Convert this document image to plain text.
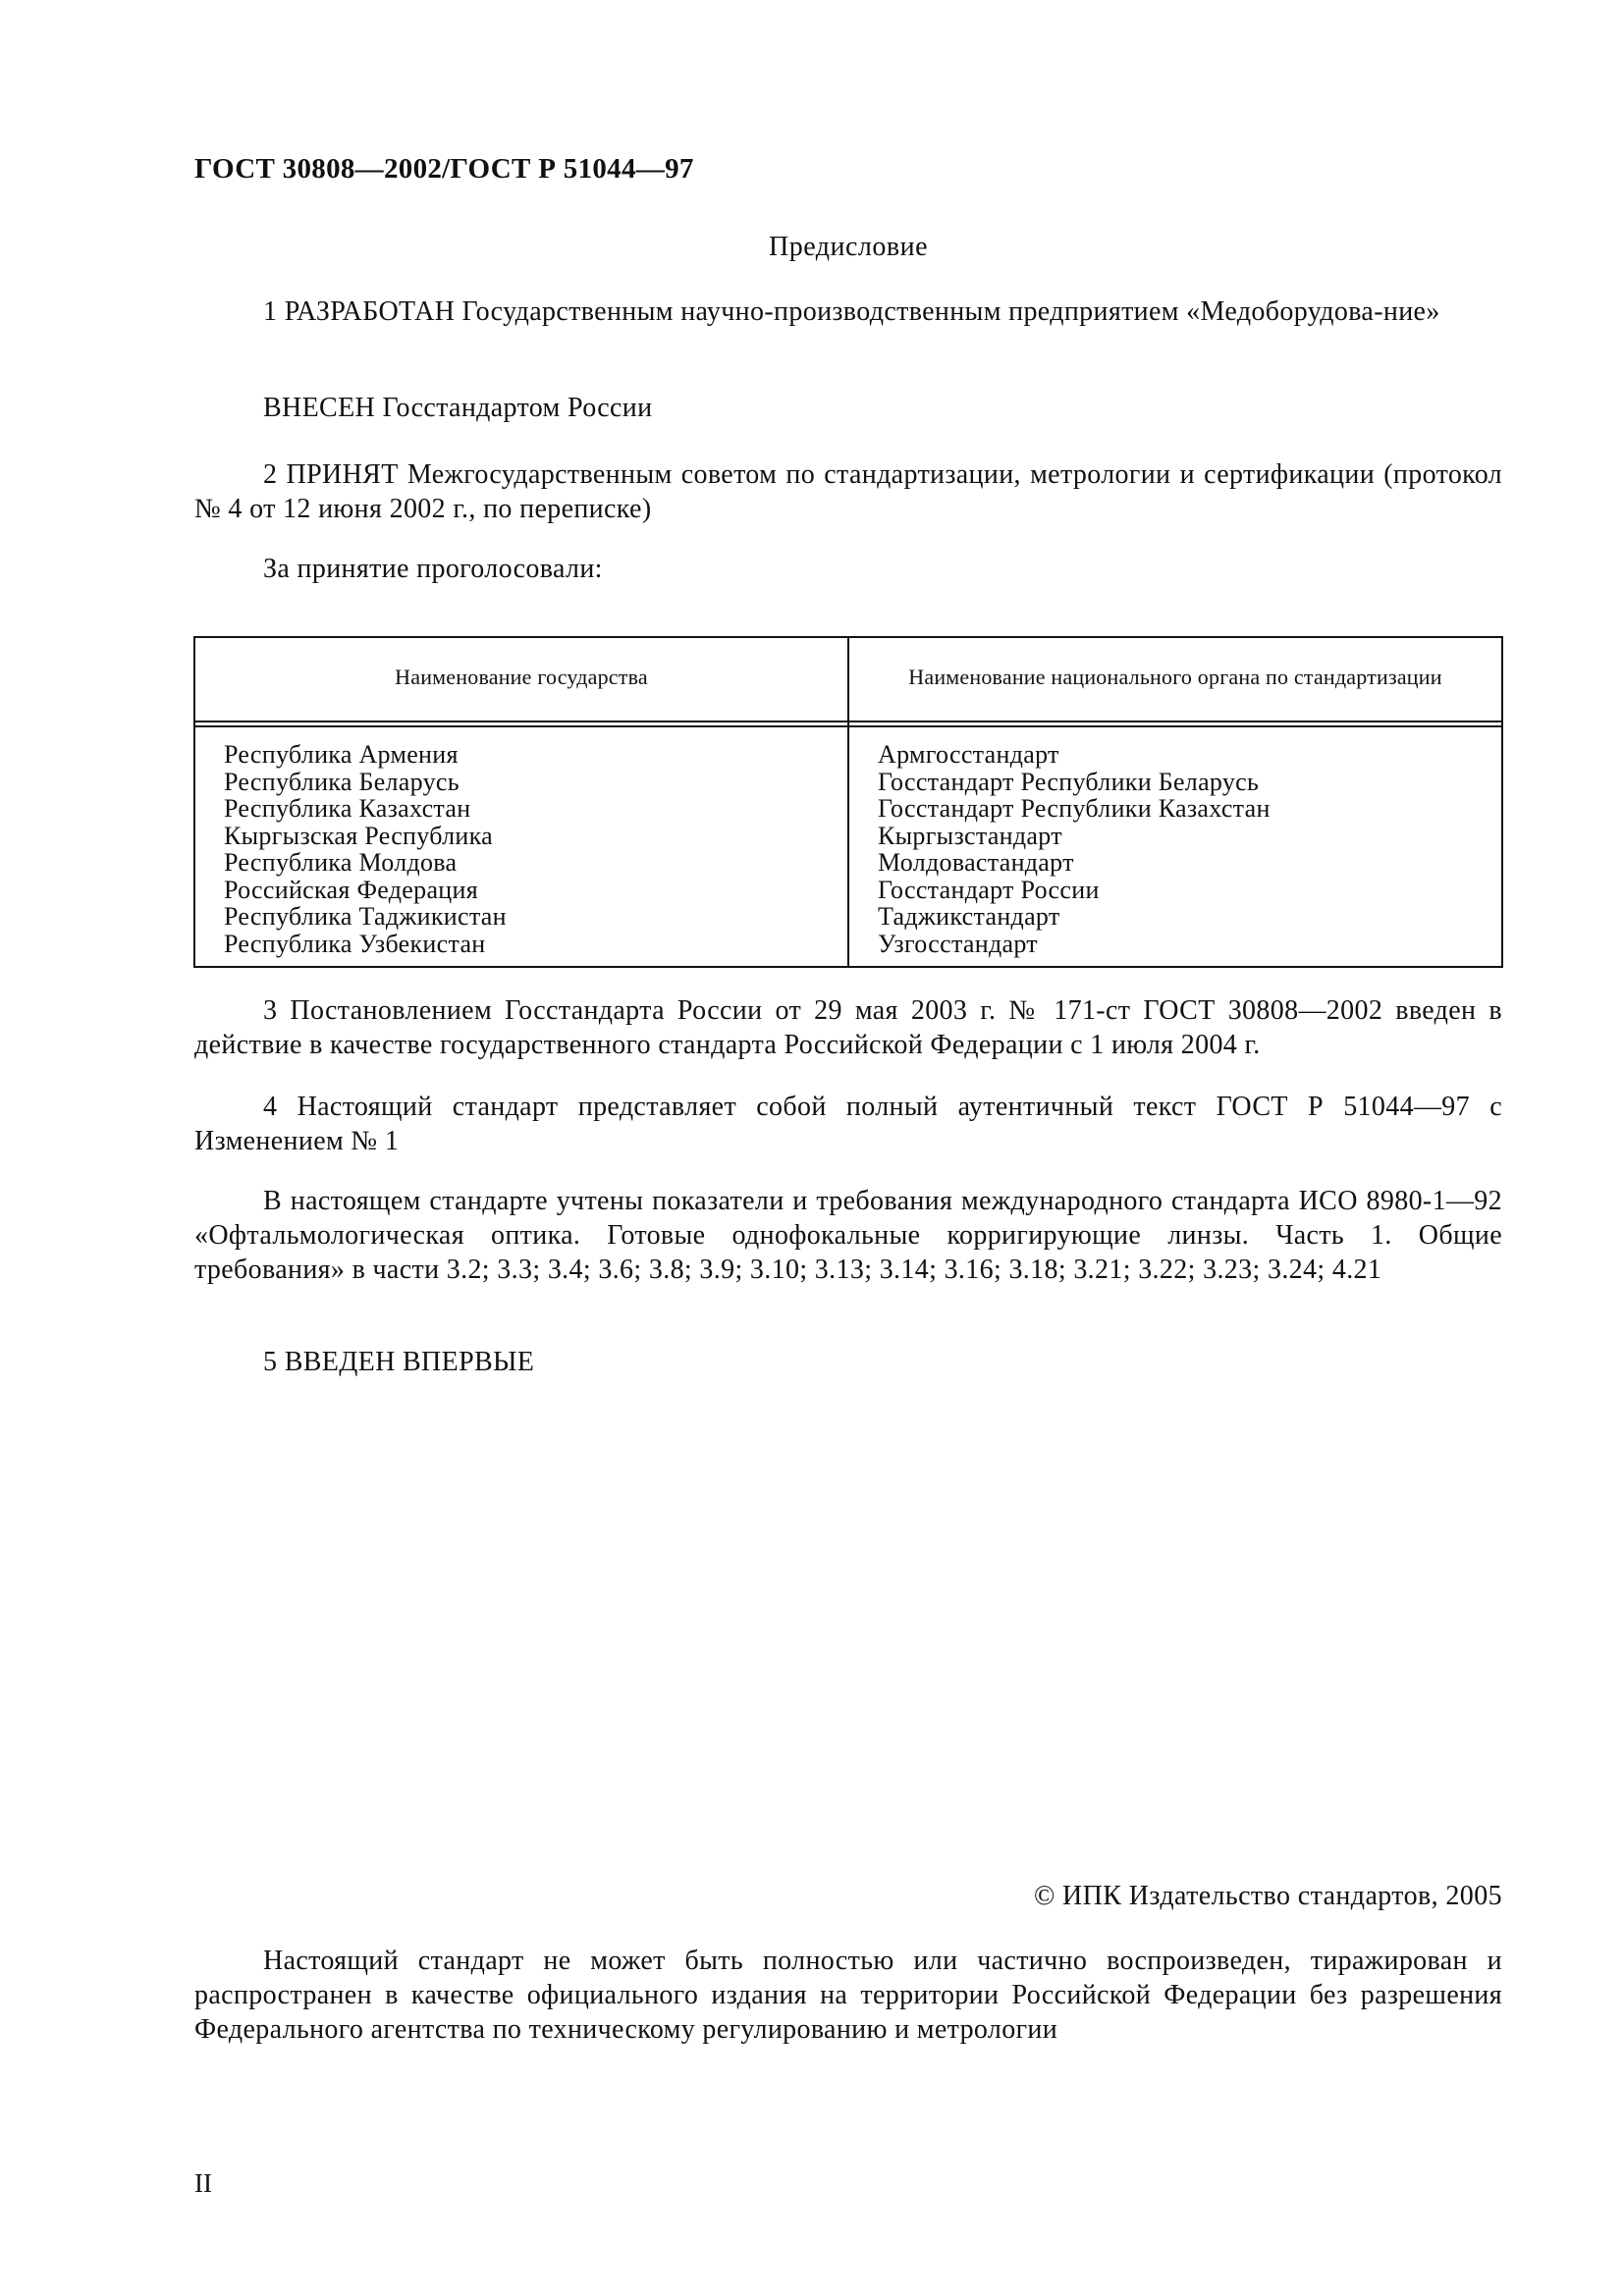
ГОСТ 30808—2002/ГОСТ Р 51044—97
Предисловие
1 РАЗРАБОТАН Государственным научно-производственным предприятием «Медоборудова-ние»
ВНЕСЕН Госстандартом России
2 ПРИНЯТ Межгосударственным советом по стандартизации, метрологии и сертификации (протокол № 4 от 12 июня 2002 г., по переписке)
За принятие проголосовали:
Наименование государства	Наименование национального органа по стандартизации
Республика Армения
Республика Беларусь
Республика Казахстан
Кыргызская Республика
Республика Молдова
Российская Федерация
Республика Таджикистан
Республика Узбекистан
Армгосстандарт
Госстандарт Республики Беларусь
Госстандарт Республики Казахстан
Кыргызстандарт
Молдовастандарт
Госстандарт России
Таджикстандарт
Узгосстандарт
3 Постановлением Госстандарта России от 29 мая 2003 г. № 171-ст ГОСТ 30808—2002 введен в действие в качестве государственного стандарта Российской Федерации с 1 июля 2004 г.
4 Настоящий стандарт представляет собой полный аутентичный текст ГОСТ Р 51044—97 с Изменением № 1
В настоящем стандарте учтены показатели и требования международного стандарта ИСО 8980-1—92 «Офтальмологическая оптика. Готовые однофокальные корригирующие линзы. Часть 1. Общие требования» в части 3.2; 3.3; 3.4; 3.6; 3.8; 3.9; 3.10; 3.13; 3.14; 3.16; 3.18; 3.21; 3.22; 3.23; 3.24; 4.21
5 ВВЕДЕН ВПЕРВЫЕ
© ИПК Издательство стандартов, 2005
Настоящий стандарт не может быть полностью или частично воспроизведен, тиражирован и распространен в качестве официального издания на территории Российской Федерации без разрешения Федерального агентства по техническому регулированию и метрологии
II
